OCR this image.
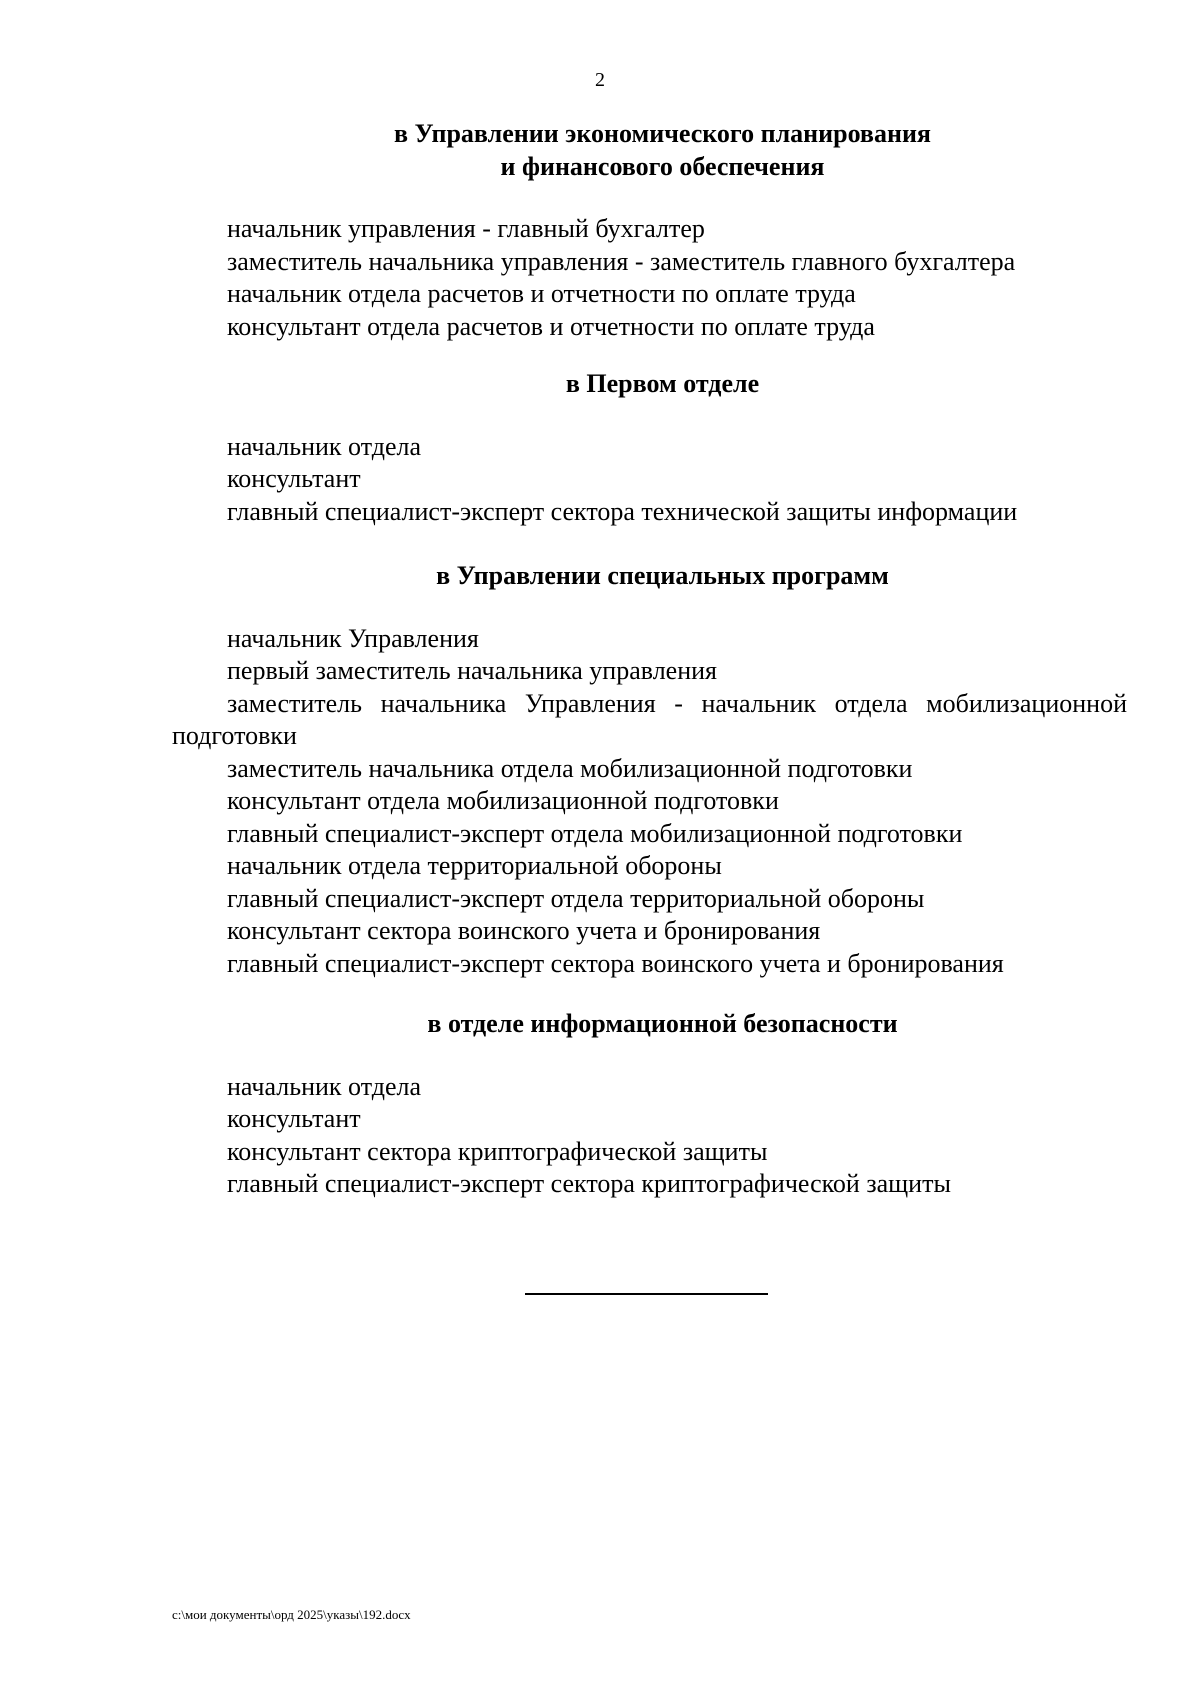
2
в Управлении экономического планирования
и финансового обеспечения
начальник управления - главный бухгалтер
заместитель начальника управления - заместитель главного бухгалтера
начальник отдела расчетов и отчетности по оплате труда
консультант отдела расчетов и отчетности по оплате труда
в Первом отделе
начальник отдела
консультант
главный специалист-эксперт сектора технической защиты информации
в Управлении специальных программ
начальник Управления
первый заместитель начальника управления
заместитель начальника Управления - начальник отдела мобилизационной подготовки
заместитель начальника отдела мобилизационной подготовки
консультант отдела мобилизационной подготовки
главный специалист-эксперт отдела мобилизационной подготовки
начальник отдела территориальной обороны
главный специалист-эксперт отдела территориальной обороны
консультант сектора воинского учета и бронирования
главный специалист-эксперт сектора воинского учета и бронирования
в отделе информационной безопасности
начальник отдела
консультант
консультант сектора криптографической защиты
главный специалист-эксперт сектора криптографической защиты
c:\мои документы\орд 2025\указы\192.docx
